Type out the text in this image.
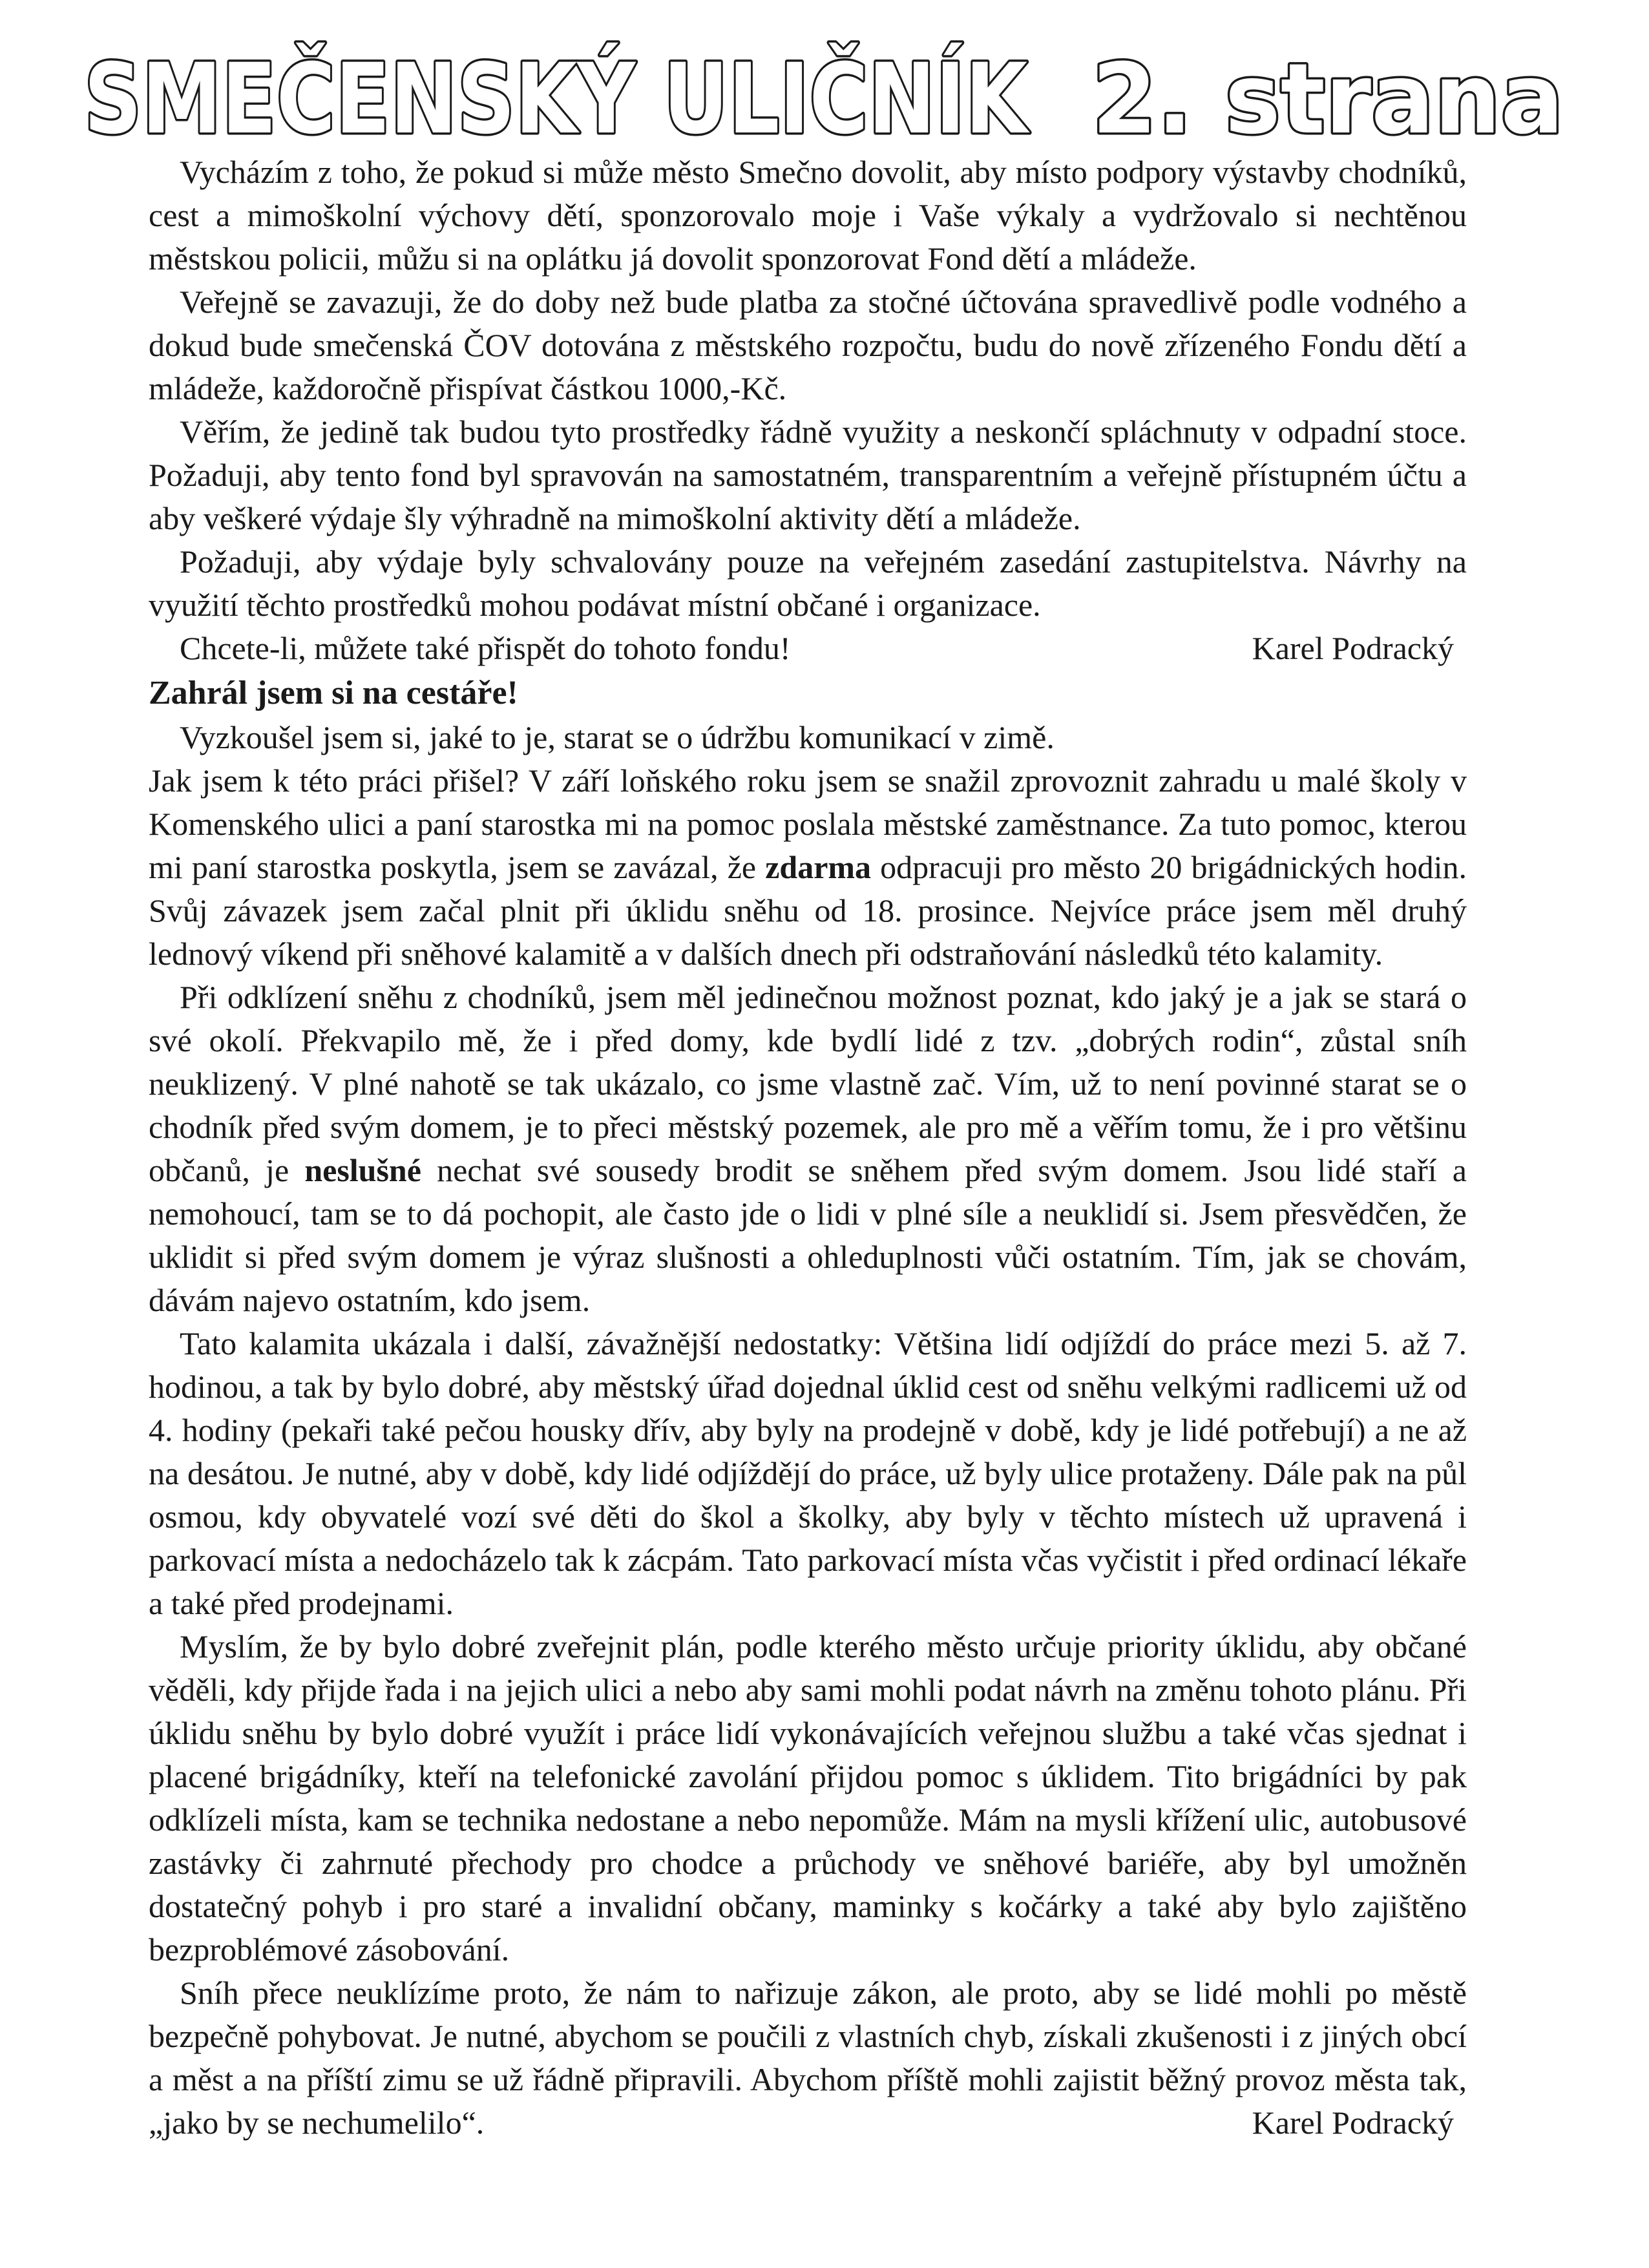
SMEČENSKÝ ULIČNÍK
2. strana

Vycházím z toho, že pokud si může město Smečno dovolit, aby místo podpory výstavby chodníků, cest a mimoškolní výchovy dětí, sponzorovalo moje i Vaše výkaly a vydržovalo si nechtěnou městskou policii, můžu si na oplátku já dovolit sponzorovat Fond dětí a mládeže.

Veřejně se zavazuji, že do doby než bude platba za stočné účtována spravedlivě podle vodného a dokud bude smečenská ČOV dotována z městského rozpočtu, budu do nově zřízeného Fondu dětí a mládeže, každoročně přispívat částkou 1000,-Kč.

Věřím, že jedině tak budou tyto prostředky řádně využity a neskončí spláchnuty v odpadní stoce. Požaduji, aby tento fond byl spravován na samostatném, transparentním a veřejně přístupném účtu a aby veškeré výdaje šly výhradně na mimoškolní aktivity dětí a mládeže.

Požaduji, aby výdaje byly schvalovány pouze na veřejném zasedání zastupitelstva. Návrhy na využití těchto prostředků mohou podávat místní občané i organizace.

Chcete-li, můžete také přispět do tohoto fondu!	Karel Podracký

Zahrál jsem si na cestáře!

Vyzkoušel jsem si, jaké to je, starat se o údržbu komunikací v zimě.

Jak jsem k této práci přišel? V září loňského roku jsem se snažil zprovoznit zahradu u malé školy v Komenského ulici a paní starostka mi na pomoc poslala městské zaměstnance. Za tuto pomoc, kterou mi paní starostka poskytla, jsem se zavázal, že zdarma odpracuji pro město 20 brigádnických hodin. Svůj závazek jsem začal plnit při úklidu sněhu od 18. prosince. Nejvíce práce jsem měl druhý lednový víkend při sněhové kalamitě a v dalších dnech při odstraňování následků této kalamity.

Při odklízení sněhu z chodníků, jsem měl jedinečnou možnost poznat, kdo jaký je a jak se stará o své okolí. Překvapilo mě, že i před domy, kde bydlí lidé z tzv. „dobrých rodin“, zůstal sníh neuklizený. V plné nahotě se tak ukázalo, co jsme vlastně zač. Vím, už to není povinné starat se o chodník před svým domem, je to přeci městský pozemek, ale pro mě a věřím tomu, že i pro většinu občanů, je neslušné nechat své sousedy brodit se sněhem před svým domem. Jsou lidé staří a nemohoucí, tam se to dá pochopit, ale často jde o lidi v plné síle a neuklidí si. Jsem přesvědčen, že uklidit si před svým domem je výraz slušnosti a ohleduplnosti vůči ostatním. Tím, jak se chovám, dávám najevo ostatním, kdo jsem.

Tato kalamita ukázala i další, závažnější nedostatky: Většina lidí odjíždí do práce mezi 5. až 7. hodinou, a tak by bylo dobré, aby městský úřad dojednal úklid cest od sněhu velkými radlicemi už od 4. hodiny (pekaři také pečou housky dřív, aby byly na prodejně v době, kdy je lidé potřebují) a ne až na desátou. Je nutné, aby v době, kdy lidé odjíždějí do práce, už byly ulice protaženy. Dále pak na půl osmou, kdy obyvatelé vozí své děti do škol a školky, aby byly v těchto místech už upravená i parkovací místa a nedocházelo tak k zácpám. Tato parkovací místa včas vyčistit i před ordinací lékaře a také před prodejnami.

Myslím, že by bylo dobré zveřejnit plán, podle kterého město určuje priority úklidu, aby občané věděli, kdy přijde řada i na jejich ulici a nebo aby sami mohli podat návrh na změnu tohoto plánu. Při úklidu sněhu by bylo dobré využít i práce lidí vykonávajících veřejnou službu a také včas sjednat i placené brigádníky, kteří na telefonické zavolání přijdou pomoc s úklidem. Tito brigádníci by pak odklízeli místa, kam se technika nedostane a nebo nepomůže. Mám na mysli křížení ulic, autobusové zastávky či zahrnuté přechody pro chodce a průchody ve sněhové bariéře, aby byl umožněn dostatečný pohyb i pro staré a invalidní občany, maminky s kočárky a také aby bylo zajištěno bezproblémové zásobování.

Sníh přece neuklízíme proto, že nám to nařizuje zákon, ale proto, aby se lidé mohli po městě bezpečně pohybovat. Je nutné, abychom se poučili z vlastních chyb, získali zkušenosti i z jiných obcí a měst a na příští zimu se už řádně připravili. Abychom příště mohli zajistit běžný provoz města tak, „jako by se nechumelilo“.	Karel Podracký
